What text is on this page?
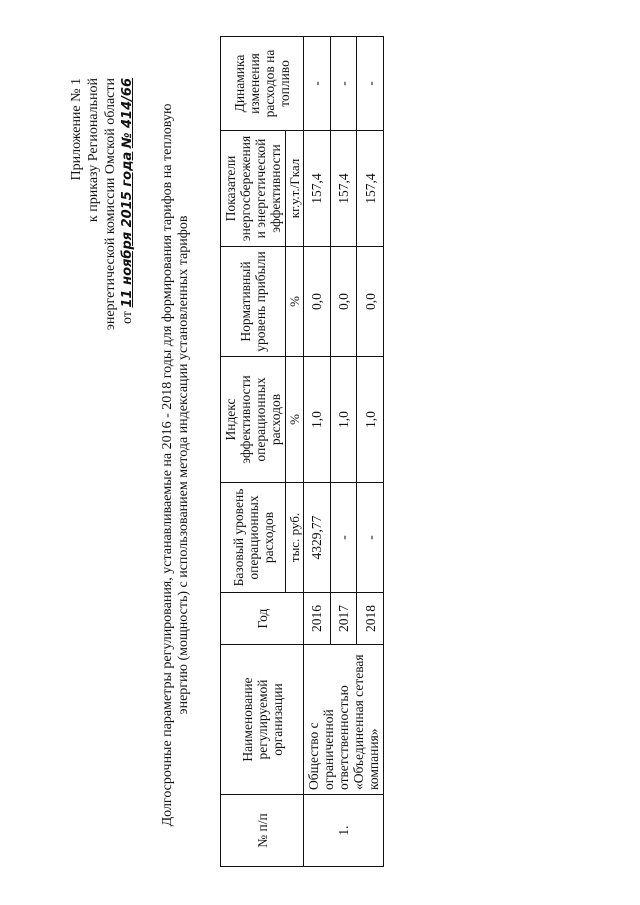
Приложение № 1 к приказу Региональной энергетической комиссии Омской области от 11 ноября 2015 года № 414/66 Долгосрочные параметры регулирования, устанавливаемые на 2016 - 2018 годы для формирования тарифов на тепловую энергию (мощность) с использованием метода индексации установленных тарифов
№ п/п	Наименование регулируемой организации	Год	Базовый уровень операционных расходов	Индекс эффективности операционных расходов	Нормативный уровень прибыли	Показатели энергосбережения и энергетической эффективности	Динамика изменения расходов на топливо
			тыс. руб.	%	%	кг.у.т./Гкал	
1.	Общество с ограниченной ответственностью «Объединенная сетевая компания»	2016	4329,77	1,0	0,0	157,4	-
		2017	-	1,0	0,0	157,4	-
		2018	-	1,0	0,0	157,4	-
